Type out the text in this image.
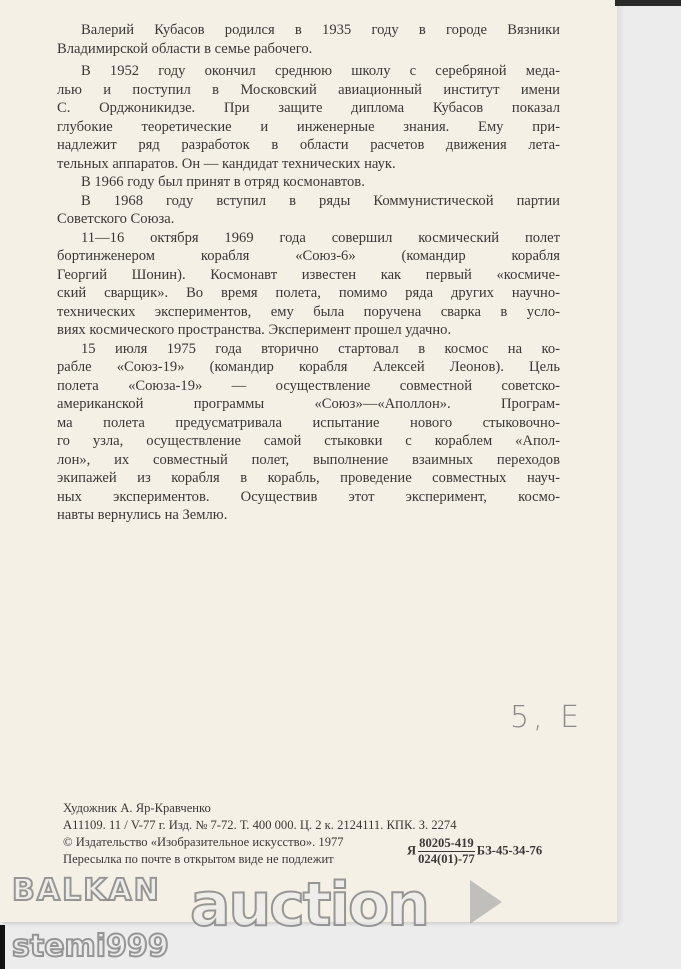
Валерий Кубасов родился в 1935 году в городе Вязники
Владимирской области в семье рабочего.
В 1952 году окончил среднюю школу с серебряной меда-
лью и поступил в Московский авиационный институт имени
С. Орджоникидзе. При защите диплома Кубасов показал
глубокие теоретические и инженерные знания. Ему при-
надлежит ряд разработок в области расчетов движения лета-
тельных аппаратов. Он — кандидат технических наук.
В 1966 году был принят в отряд космонавтов.
В 1968 году вступил в ряды Коммунистической партии
Советского Союза.
11—16 октября 1969 года совершил космический полет
бортинженером корабля «Союз-6» (командир корабля
Георгий Шонин). Космонавт известен как первый «космиче-
ский сварщик». Во время полета, помимо ряда других научно-
технических экспериментов, ему была поручена сварка в усло-
виях космического пространства. Эксперимент прошел удачно.
15 июля 1975 года вторично стартовал в космос на ко-
рабле «Союз-19» (командир корабля Алексей Леонов). Цель
полета «Союза-19» — осуществление совместной советско-
американской программы «Союз»—«Аполлон». Програм-
ма полета предусматривала испытание нового стыковочно-
го узла, осуществление самой стыковки с кораблем «Апол-
лон», их совместный полет, выполнение взаимных переходов
экипажей из корабля в корабль, проведение совместных науч-
ных экспериментов. Осуществив этот эксперимент, космо-
навты вернулись на Землю.
Художник А. Яр-Кравченко
А11109. 11 / V-77 г. Изд. № 7-72. Т. 400 000. Ц. 2 к. 2124111. КПК. З. 2274
© Издательство «Изобразительное искусство». 1977
Пересылка по почте в открытом виде не подлежит
Я $\frac{80205-419}{024(01)-77} БЗ-45-34-76$
5, E
BALKAN auction
stemi999
